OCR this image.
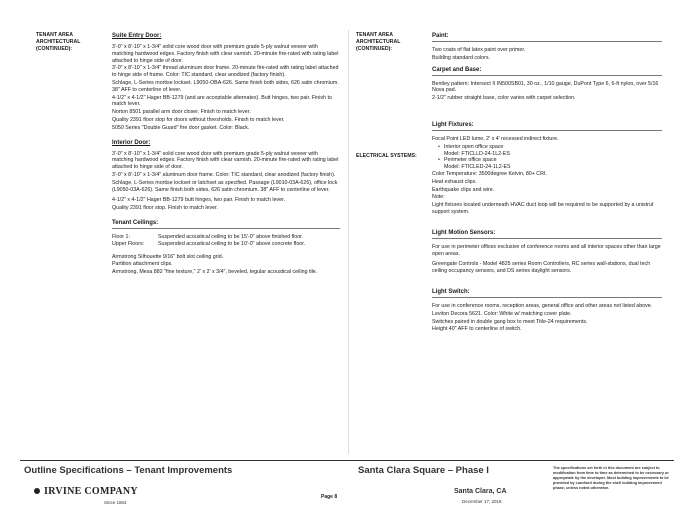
TENANT AREA ARCHITECTURAL (CONTINUED):
Suite Entry Door:
3'-0" x 8'-10" x 1-3/4" solid core wood door with premium grade 5-ply walnut veneer with matching hardwood edges. Factory finish with clear varnish. 20-minute fire-rated with rating label attached to hinge side of door.
3'-0" x 8'-10" x 1-3/4" thread aluminum door frame. 20-minute fire-rated with rating label attached to hinge side of frame. Color: TIC standard, clear anodized (factory finish).
Schlage, L-Series mortise lockset. L9050-OBA-626. Same finish both sides, 626 satin chromium. 38" AFF to centerline of lever.
4-1/2" x 4-1/2" Hager BB-1279 (and are acceptable alternates). Butt hinges, two pair. Finish to match lever.
Norton 8501 parallel arm door closer. Finish to match lever.
Quality 2391 floor stop for doors without thresholds. Finish to match lever.
5050 Series "Double Guard" fire door gasket. Color: Black.
Interior Door:
3'-0" x 8'-10" x 1-3/4" solid core wood door with premium grade 5-ply walnut veneer with matching hardwood edges. Factory finish with clear varnish. 20-minute fire-rated with rating label attached to hinge side of door.
3'-0" x 8'-10" x 1-3/4" aluminum door frame. Color: TIC standard, clear anodized (factory finish).
Schlage, L-Series mortise lockset or latchset as specified. Passage (L9010-03A-626), office lock (L9050-03A-626). Same finish both sides, 626 satin chromium. 38" AFF to centerline of lever.
4-1/2" x 4-1/2" Hager BB-1279 butt hinges, two pair. Finish to match lever.
Quality 2391 floor stop. Finish to match lever.
Tenant Ceilings:
Floor 1:	Suspended acoustical ceiling to be 15'-0" above finished floor.
Upper Floors:	Suspended acoustical ceiling to be 10'-0" above concrete floor.
Armstrong Silhouette 9/16" bolt slot ceiling grid.
Partition attachment clips.
Armstrong, Mesa 882 "fine texture," 2' x 2' x 3/4", beveled, tegular acoustical ceiling tile.
TENANT AREA ARCHITECTURAL (CONTINUED):
ELECTRICAL SYSTEMS:
Paint:
Two coats of flat latex paint over primer.
Building standard colors.
Carpet and Base:
Bentley pattern: Intersect II IN500SB01, 30 oz., 1/10 gauge, DuPont Type 6, 6-ft nylon, over 5/16 Nova pad.
2-1/2" rubber straight base, color varies with carpet selection.
Light Fixtures:
Focal Point LED lume, 2' x 4' recessed indirect fixture.
• Interior open office space
Model: FTICLLD-24-1L2-ES
• Perimeter office space
Model: FTICLED-24-1L2-ES
Color Temperature: 3500degree Kelvin, 80+ CRI.
Heat exhaust clips.
Earthquake clips and wire.
Note:
Light fixtures located underneath HVAC duct loop will be required to be supported by a unistrut support system.
Light Motion Sensors:
For use in perimeter offices exclusive of conference rooms and all interior spaces other than large open areas.
Greengate Controls - Model 4825 series Room Controllers, RC series wall-stations, dual tech ceiling occupancy sensors, and DS series daylight sensors.
Light Switch:
For use in conference rooms, reception areas, general office and other areas not listed above.
Leviton Decora 5621. Color: White w/ matching cover plate.
Switches paired in double gang box to meet Title-24 requirements.
Height 40" AFF to centerline of switch.
Outline Specifications – Tenant Improvements
IRVINE COMPANY
Since 1864
Page 8
Santa Clara Square – Phase I
Santa Clara, CA
December 17, 2018
The specifications set forth in this document are subject to modification from time to time as determined to be necessary or appropriate by the developer. Most building improvements to be provided by Landlord during the shell building improvement phase, unless noted otherwise.
